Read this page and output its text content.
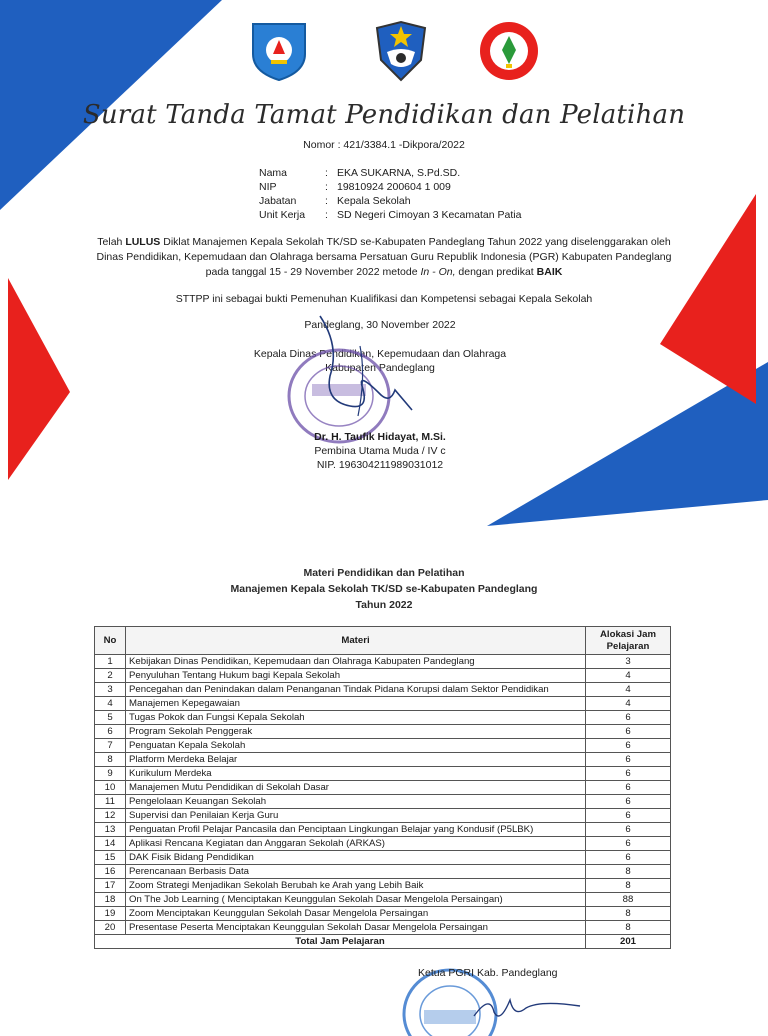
Surat Tanda Tamat Pendidikan dan Pelatihan
Nomor : 421/3384.1 -Dikpora/2022
Nama	: EKA SUKARNA, S.Pd.SD.
NIP	: 19810924 200604 1 009
Jabatan	: Kepala Sekolah
Unit Kerja : SD Negeri Cimoyan 3 Kecamatan Patia
Telah LULUS Diklat Manajemen Kepala Sekolah TK/SD se-Kabupaten Pandeglang Tahun 2022 yang diselenggarakan oleh
Dinas Pendidikan, Kepemudaan dan Olahraga bersama Persatuan Guru Republik Indonesia (PGR) Kabupaten Pandeglang
pada tanggal 15 - 29 November 2022 metode In - On, dengan predikat BAIK
STTPP ini sebagai bukti Pemenuhan Kualifikasi dan Kompetensi sebagai Kepala Sekolah
Pandeglang, 30 November 2022
Kepala Dinas Pendidikan, Kepemudaan dan Olahraga
Kabupaten Pandeglang
Dr. H. Taufik Hidayat, M.Si.
Pembina Utama Muda / IV c
NIP. 196304211989031012
Materi Pendidikan dan Pelatihan
Manajemen Kepala Sekolah TK/SD se-Kabupaten Pandeglang
Tahun 2022
No	Materi	Alokasi Jam
Pelajaran
1	Kebijakan Dinas Pendidikan, Kepemudaan dan Olahraga Kabupaten Pandeglang	3
2	Penyuluhan Tentang Hukum bagi Kepala Sekolah	4
3	Pencegahan dan Penindakan dalam Penanganan Tindak Pidana Korupsi dalam Sektor Pendidikan	4
4	Manajemen Kepegawaian	4
5	Tugas Pokok dan Fungsi Kepala Sekolah	6
6	Program Sekolah Penggerak	6
7	Penguatan Kepala Sekolah	6
8	Platform Merdeka Belajar	6
9	Kurikulum Merdeka	6
10	Manajemen Mutu Pendidikan di Sekolah Dasar	6
11	Pengelolaan Keuangan Sekolah	6
12	Supervisi dan Penilaian Kerja Guru	6
13	Penguatan Profil Pelajar Pancasila dan Penciptaan Lingkungan Belajar yang Kondusif (P5LBK)	6
14	Aplikasi Rencana Kegiatan dan Anggaran Sekolah (ARKAS)	6
15	DAK Fisik Bidang Pendidikan	6
16	Perencanaan Berbasis Data	8
17	Zoom Strategi Menjadikan Sekolah Berubah ke Arah yang Lebih Baik	8
18	On The Job Learning ( Menciptakan Keunggulan Sekolah Dasar Mengelola Persaingan)	88
19	Zoom Menciptakan Keunggulan Sekolah Dasar Mengelola Persaingan	8
20	Presentase Peserta Menciptakan Keunggulan Sekolah Dasar Mengelola Persaingan	8
Total Jam Pelajaran		201
Ketua PGRI Kab. Pandeglang
